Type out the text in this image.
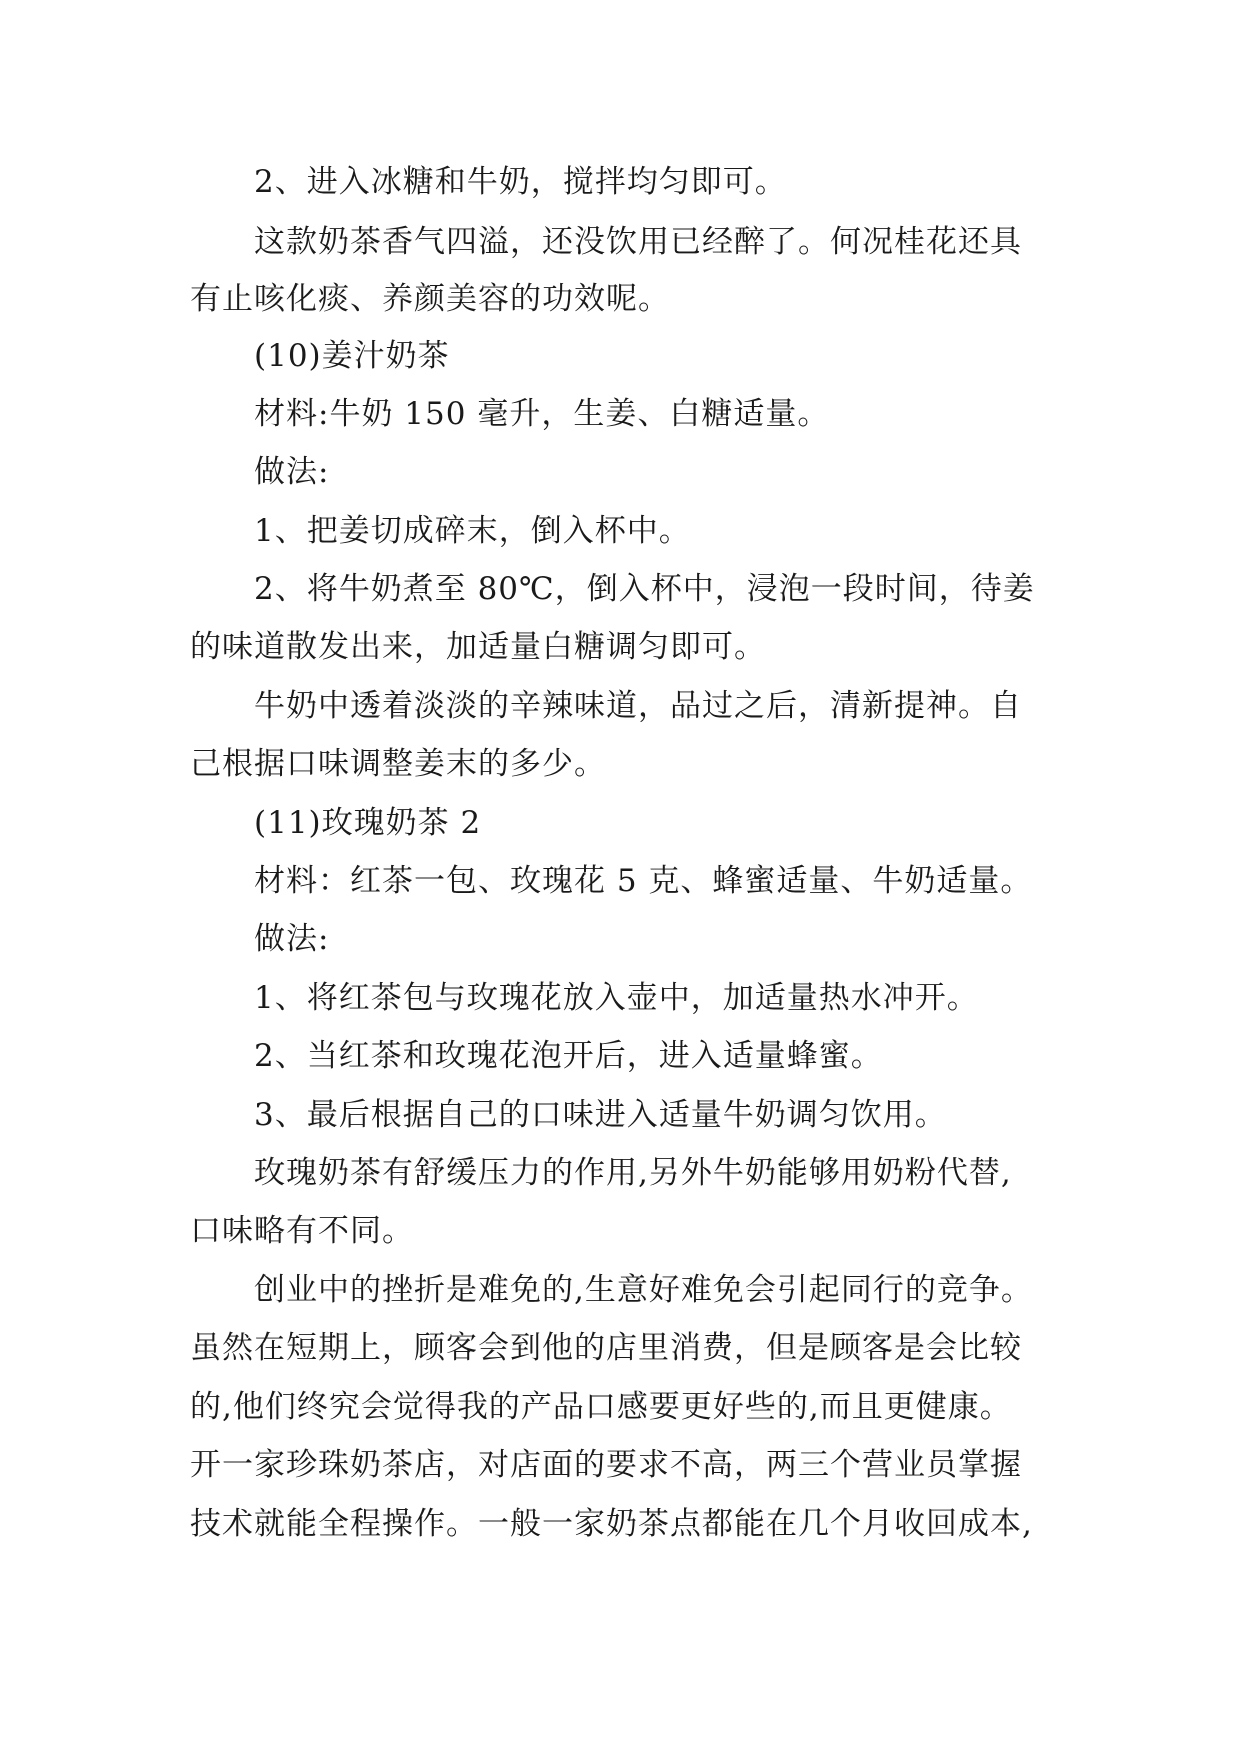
2、进入冰糖和牛奶，搅拌均匀即可。
这款奶茶香气四溢，还没饮用已经醉了。何况桂花还具
有止咳化痰、养颜美容的功效呢。
(10)姜汁奶茶
材料:牛奶 150 毫升，生姜、白糖适量。
做法:
1、把姜切成碎末，倒入杯中。
2、将牛奶煮至 80℃，倒入杯中，浸泡一段时间，待姜
的味道散发出来，加适量白糖调匀即可。
牛奶中透着淡淡的辛辣味道，品过之后，清新提神。自
己根据口味调整姜末的多少。
(11)玫瑰奶茶 2
材料：红茶一包、玫瑰花 5 克、蜂蜜适量、牛奶适量。
做法:
1、将红茶包与玫瑰花放入壶中，加适量热水冲开。
2、当红茶和玫瑰花泡开后，进入适量蜂蜜。
3、最后根据自己的口味进入适量牛奶调匀饮用。
玫瑰奶茶有舒缓压力的作用,另外牛奶能够用奶粉代替,
口味略有不同。
创业中的挫折是难免的,生意好难免会引起同行的竞争。
虽然在短期上，顾客会到他的店里消费，但是顾客是会比较
的,他们终究会觉得我的产品口感要更好些的,而且更健康。
开一家珍珠奶茶店，对店面的要求不高，两三个营业员掌握
技术就能全程操作。一般一家奶茶点都能在几个月收回成本,
